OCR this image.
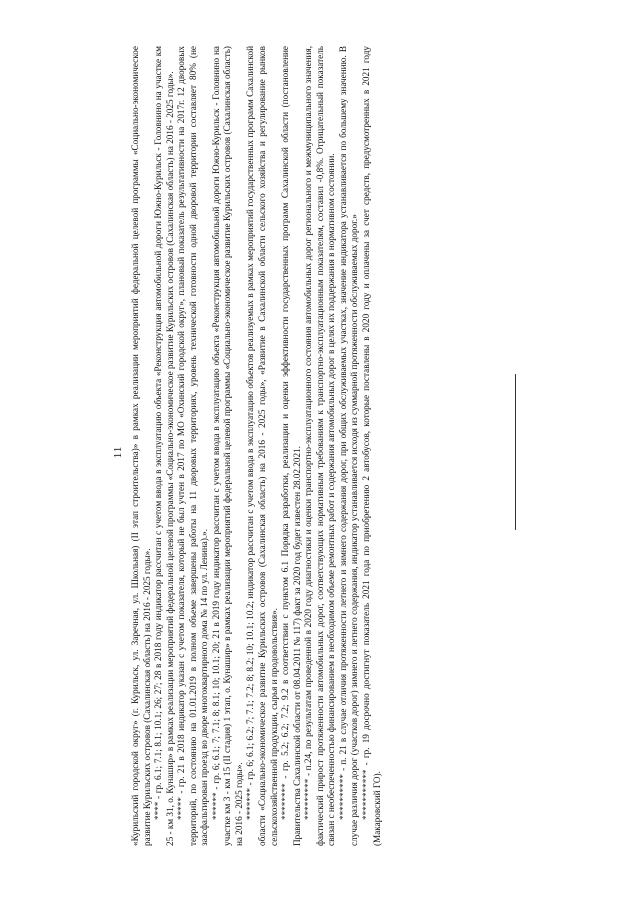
11 «Курильский городской округ» (г. Курильск, ул. Заречная, ул. Школьная) (II этап строительства)» в рамках реализации мероприятий федеральной целевой программы «Социально-экономическое развитие Курильских островов (Сахалинская область) на 2016 - 2025 годы». **** - гр. 6.1; 7.1; 8.1; 10.1; 26; 27; 28 в 2018 году индикатор рассчитан с учетом ввода в эксплуатацию объекта «Реконструкция автомобильной дороги Южно-Курильск - Головнино на участке км 25 - км 31, о. Кунашир» в рамках реализации мероприятий федеральной целевой программы «Социально-экономическое развитие Курильских островов (Сахалинская область) на 2016 - 2025 годы». ***** - гр. 21 в 2018 индикатор указан с учетом показателя, который не был учтен в 2017 по МО «Охинский городской округ», плановый показатель результативности на 2017г. 12 дворовых территорий, по состоянию на 01.01.2019 в полном объеме завершены работы на 11 дворовых территориях, уровень технической готовности одной дворовой территории составляет 80% (не заасфальтирован проезд во дворе многоквартирного дома № 14 по ул. Ленина).». ****** - гр. 6; 6.1; 7; 7.1; 8; 8.1; 10; 10.1; 20; 21 в 2019 году индикатор рассчитан с учетом ввода в эксплуатацию объекта «Реконструкция автомобильной дороги Южно-Курильск - Головнино на участке км 3 - км 15 (II стадия) 1 этап, о. Кунашир» в рамках реализации мероприятий федеральной целевой программы «Социально-экономическое развитие Курильских островов (Сахалинская область) на 2016 - 2025 годы». ******* - гр. 6; 6.1; 6.2; 7; 7.1; 7.2; 8; 8.2; 10; 10.1; 10.2; индикатор рассчитан с учетом ввода в эксплуатацию объектов реализуемых в рамках мероприятий государственных программ Сахалинской области «Социально-экономическое развитие Курильских островов (Сахалинская область) на 2016 - 2025 годы», «Развитие в Сахалинской области сельского хозяйства и регулирование рынков сельскохозяйственной продукции, сырья и продовольствия». ******** - гр. 5.2; 6.2; 7.2; 9.2 в соответствии с пунктом 6.1 Порядка разработки, реализации и оценки эффективности государственных программ Сахалинской области (постановление Правительства Сахалинской области от 08.04.2011 № 117) факт за 2020 год будет известен 28.02.2021. ********* - п.24, по результатам проведенной в 2020 году диагностики и оценки транспортно-эксплуатационного состояния автомобильных дорог регионального и межмуниципального значения, фактический прирост протяженности автомобильных дорог, соответствующих нормативным требованиям к транспортно-эксплуатационным показателям, составил -0,8%. Отрицательный показатель связан с необеспеченностью финансированием в необходимом объеме ремонтных работ и содержания автомобильных дорог в целях их поддержания в нормативном состоянии. ********** - п. 21 в случае отличия протяженности летнего и зимнего содержания дорог, при общих обслуживаемых участках, значение индикатора устанавливается по большему значению. В случае различия дорог (участков дорог) зимнего и летнего содержания, индикатор устанавливается исходя из суммарной протяженности обслуживаемых дорог.» *********** - гр. 19 досрочно достигнут показатель 2021 года по приобретению 2 автобусов, которые поставлены в 2020 году и оплачены за счет средств, предусмотренных в 2021 году (Макаровский ГО).
